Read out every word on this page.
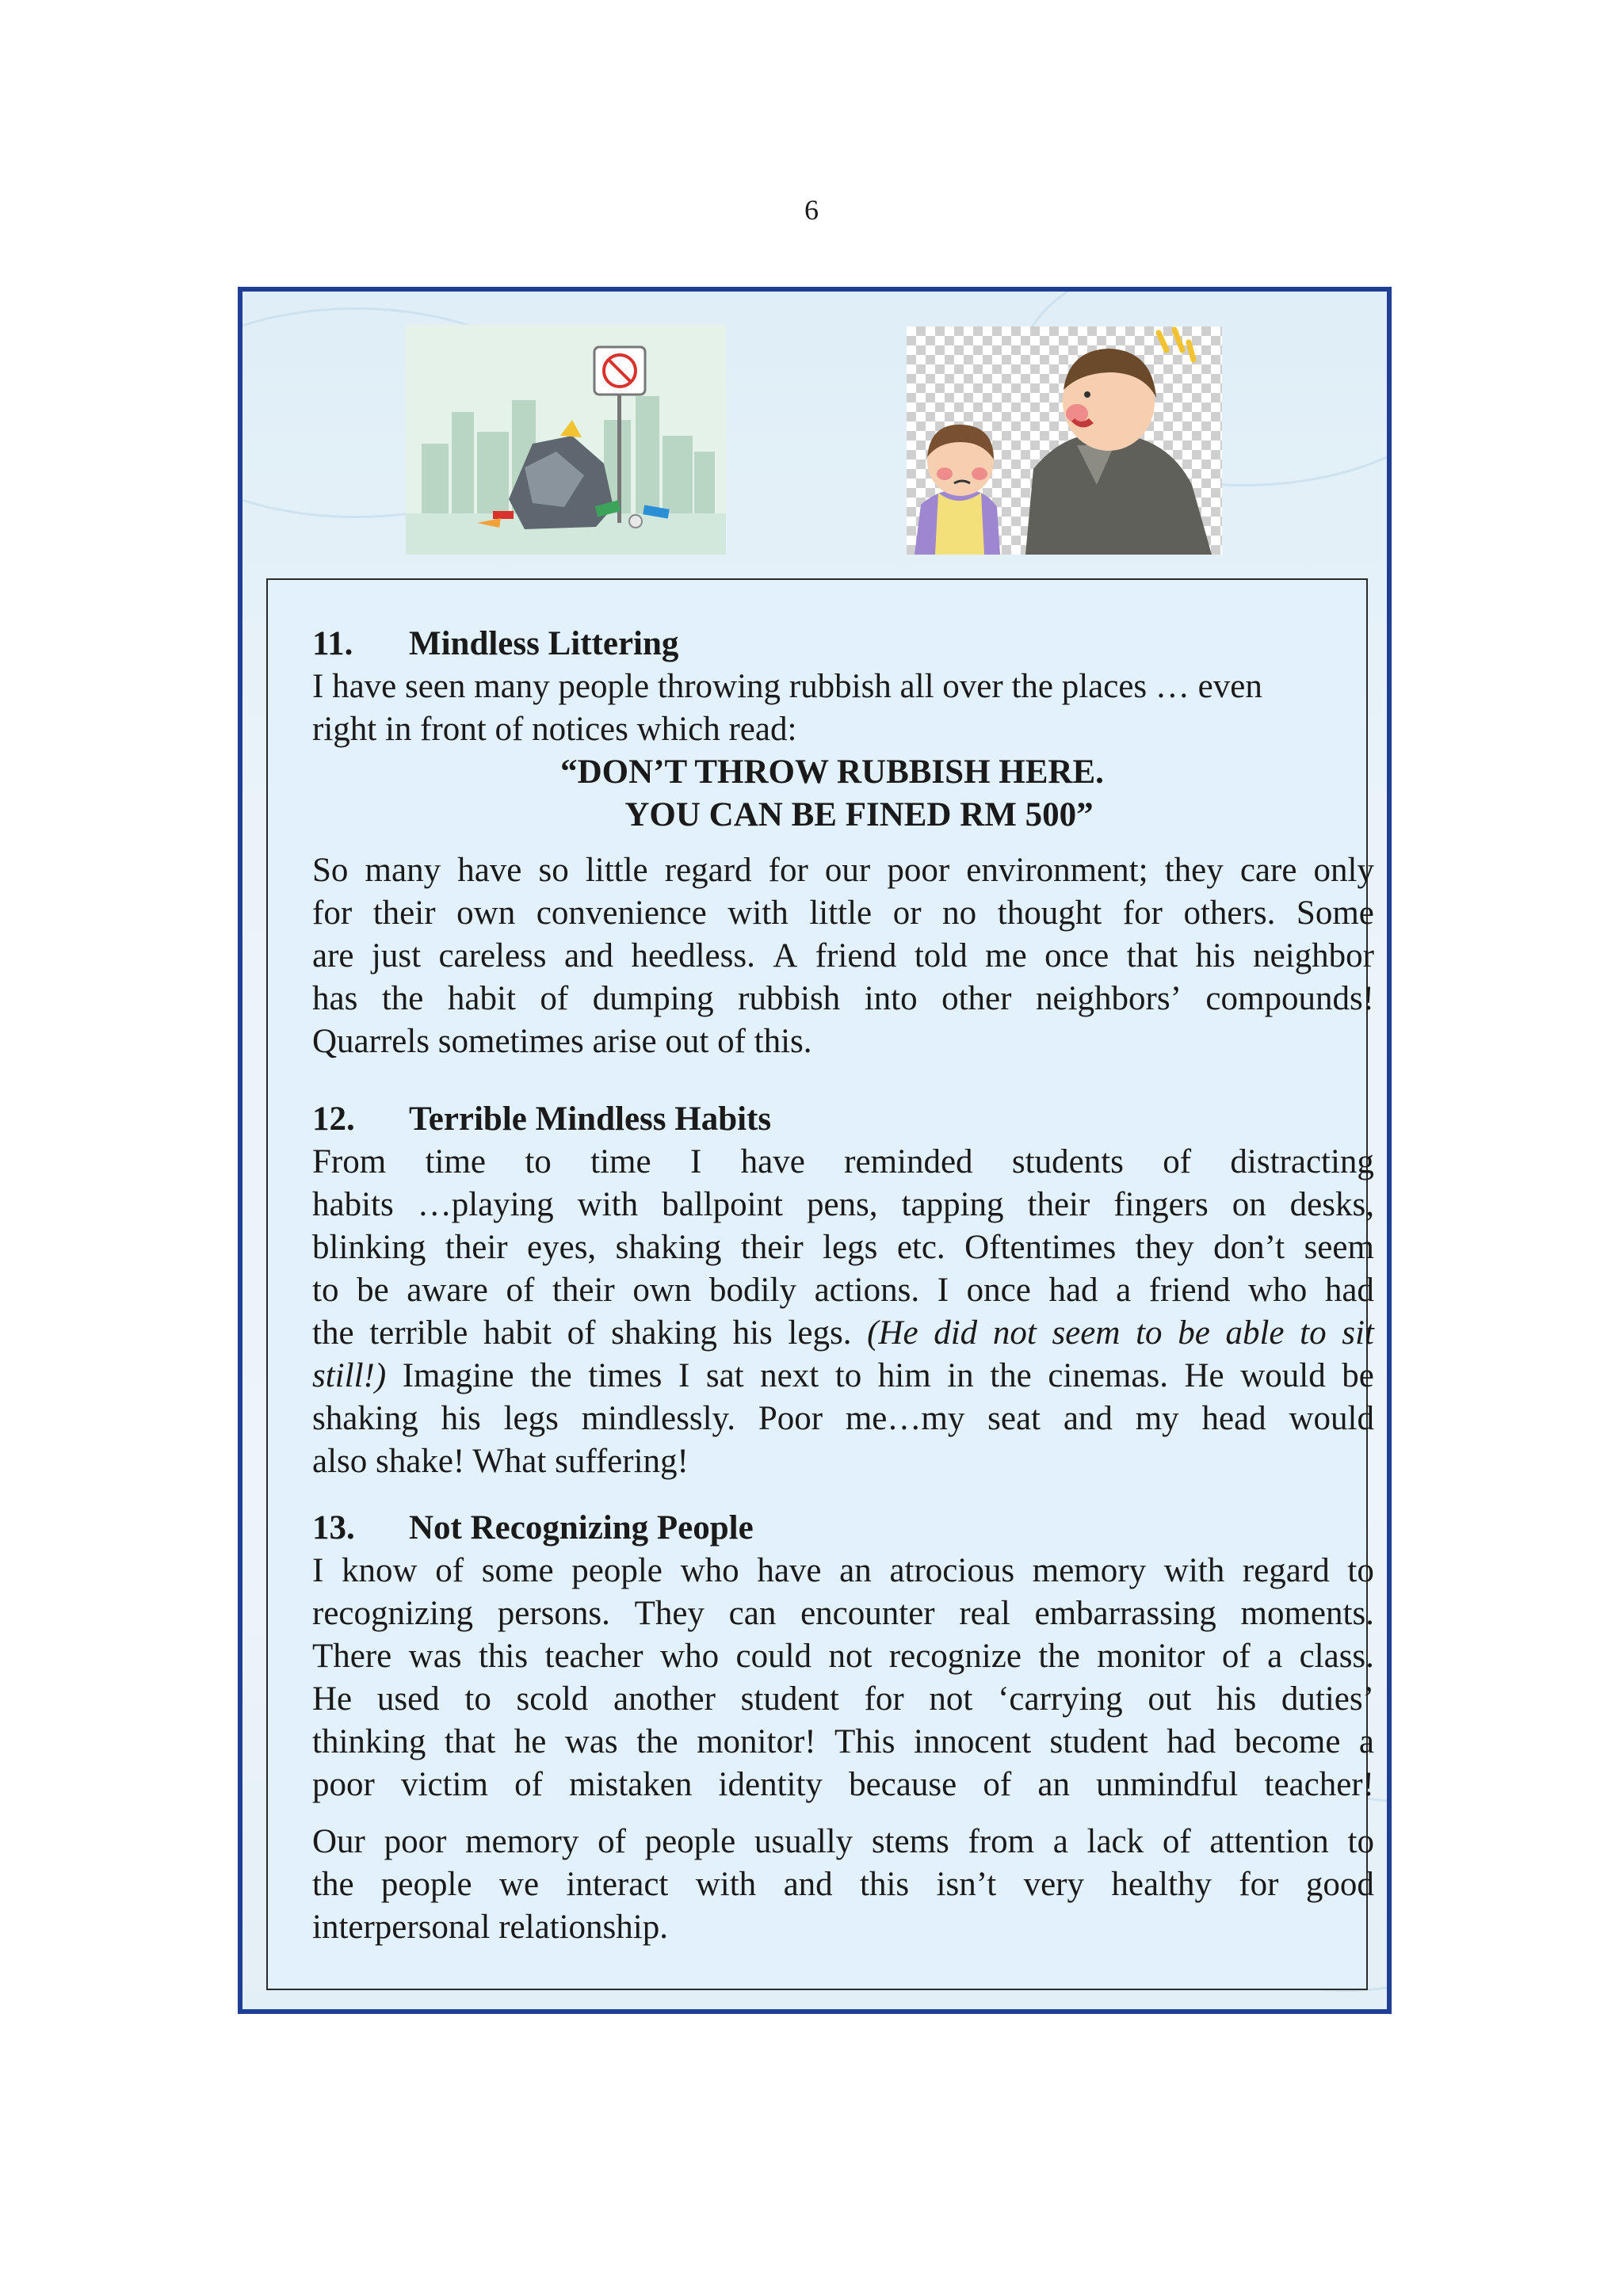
6
11. Mindless Littering
I have seen many people throwing rubbish all over the places … even
right in front of notices which read:
“DON’T THROW RUBBISH HERE.
YOU CAN BE FINED RM 500”
So many have so little regard for our poor environment; they care only
for their own convenience with little or no thought for others. Some
are just careless and heedless. A friend told me once that his neighbor
has the habit of dumping rubbish into other neighbors’ compounds!
Quarrels sometimes arise out of this.
12. Terrible Mindless Habits
From time to time I have reminded students of distracting
habits …playing with ballpoint pens, tapping their fingers on desks,
blinking their eyes, shaking their legs etc. Oftentimes they don’t seem
to be aware of their own bodily actions. I once had a friend who had
the terrible habit of shaking his legs. (He did not seem to be able to sit
still!) Imagine the times I sat next to him in the cinemas. He would be
shaking his legs mindlessly. Poor me…my seat and my head would
also shake! What suffering!
13. Not Recognizing People
I know of some people who have an atrocious memory with regard to
recognizing persons. They can encounter real embarrassing moments.
There was this teacher who could not recognize the monitor of a class.
He used to scold another student for not ‘carrying out his duties’
thinking that he was the monitor! This innocent student had become a
poor victim of mistaken identity because of an unmindful teacher!
Our poor memory of people usually stems from a lack of attention to
the people we interact with and this isn’t very healthy for good
interpersonal relationship.
